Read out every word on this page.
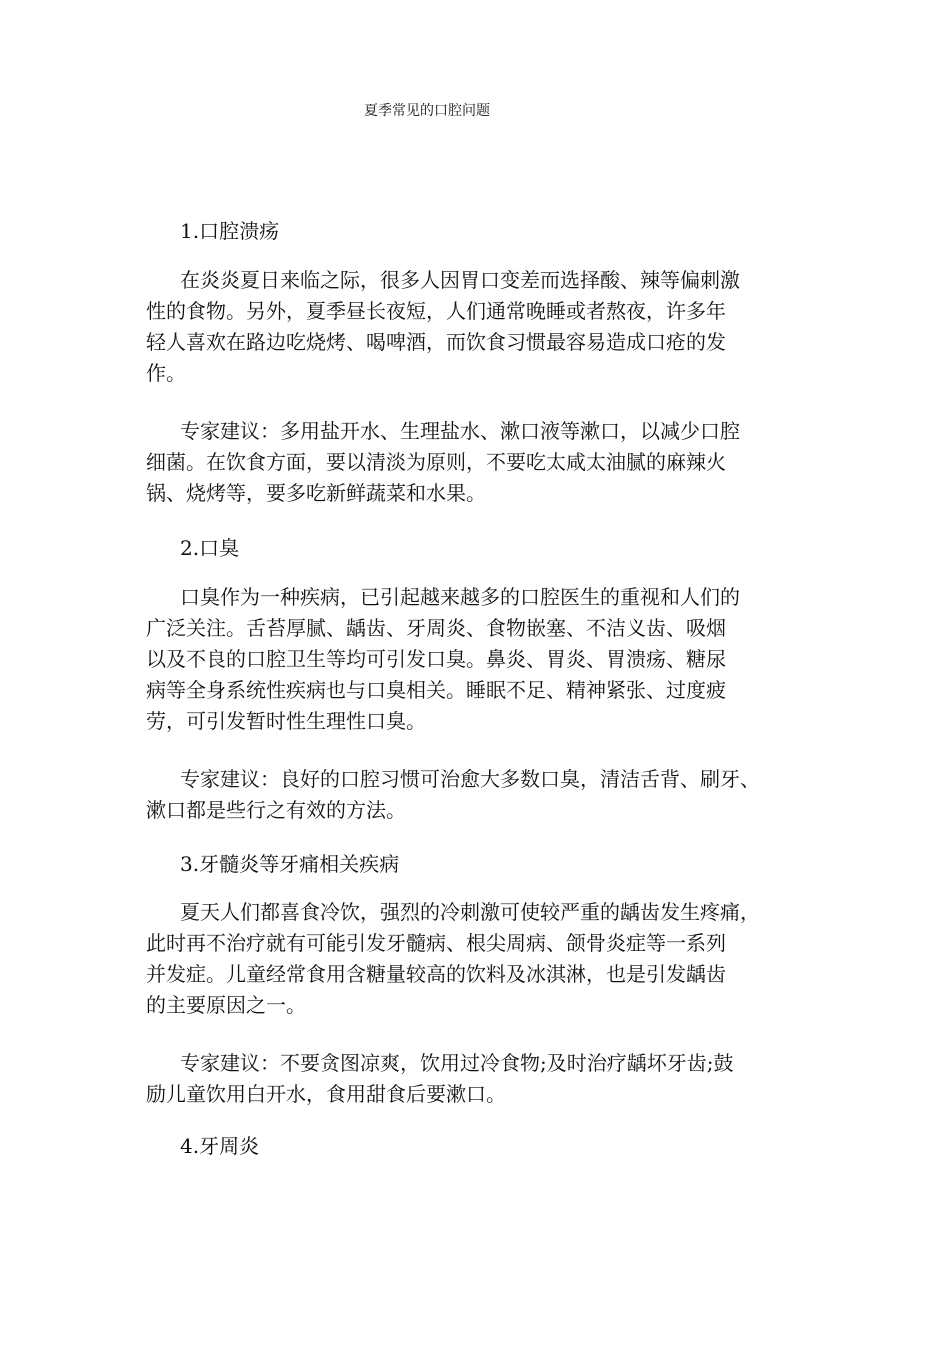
夏季常见的口腔问题

1.口腔溃疡

在炎炎夏日来临之际，很多人因胃口变差而选择酸、辣等偏刺激
性的食物。另外，夏季昼长夜短，人们通常晚睡或者熬夜，许多年
轻人喜欢在路边吃烧烤、喝啤酒，而饮食习惯最容易造成口疮的发
作。

专家建议：多用盐开水、生理盐水、漱口液等漱口，以减少口腔
细菌。在饮食方面，要以清淡为原则，不要吃太咸太油腻的麻辣火
锅、烧烤等，要多吃新鲜蔬菜和水果。

2.口臭

口臭作为一种疾病，已引起越来越多的口腔医生的重视和人们的
广泛关注。舌苔厚腻、龋齿、牙周炎、食物嵌塞、不洁义齿、吸烟
以及不良的口腔卫生等均可引发口臭。鼻炎、胃炎、胃溃疡、糖尿
病等全身系统性疾病也与口臭相关。睡眠不足、精神紧张、过度疲
劳，可引发暂时性生理性口臭。

专家建议：良好的口腔习惯可治愈大多数口臭，清洁舌背、刷牙、
漱口都是些行之有效的方法。

3.牙髓炎等牙痛相关疾病

夏天人们都喜食冷饮，强烈的冷刺激可使较严重的龋齿发生疼痛，
此时再不治疗就有可能引发牙髓病、根尖周病、颌骨炎症等一系列
并发症。儿童经常食用含糖量较高的饮料及冰淇淋，也是引发龋齿
的主要原因之一。

专家建议：不要贪图凉爽，饮用过冷食物;及时治疗龋坏牙齿;鼓
励儿童饮用白开水，食用甜食后要漱口。

4.牙周炎
